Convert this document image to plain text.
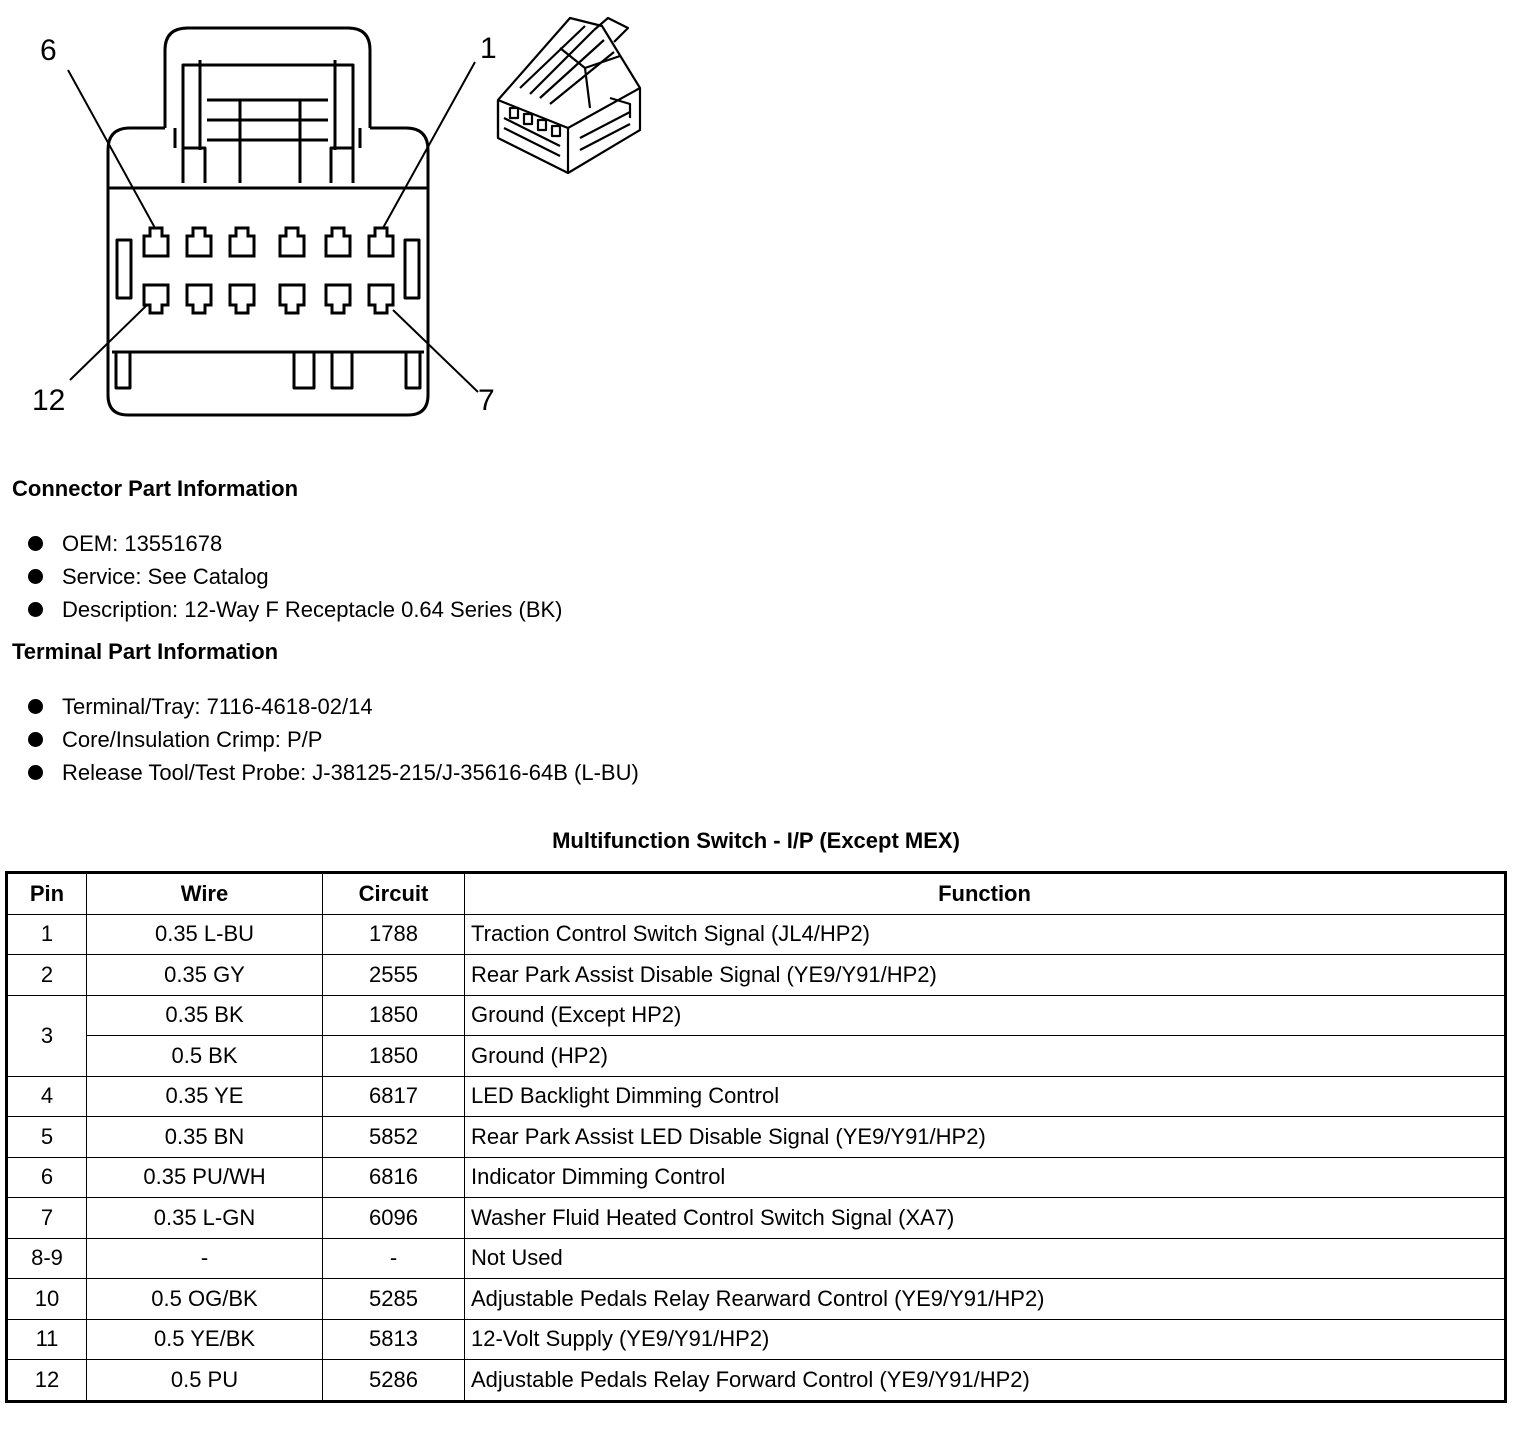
6	1
12	7
Connector Part Information
OEM: 13551678
Service: See Catalog
Description: 12-Way F Receptacle 0.64 Series (BK)
Terminal Part Information
Terminal/Tray: 7116-4618-02/14
Core/Insulation Crimp: P/P
Release Tool/Test Probe: J-38125-215/J-35616-64B (L-BU)
Multifunction Switch - I/P (Except MEX)
Pin	Wire	Circuit	Function
1	0.35 L-BU	1788	Traction Control Switch Signal (JL4/HP2)
2	0.35 GY	2555	Rear Park Assist Disable Signal (YE9/Y91/HP2)
3	0.35 BK	1850	Ground (Except HP2)
	0.5 BK	1850	Ground (HP2)
4	0.35 YE	6817	LED Backlight Dimming Control
5	0.35 BN	5852	Rear Park Assist LED Disable Signal (YE9/Y91/HP2)
6	0.35 PU/WH	6816	Indicator Dimming Control
7	0.35 L-GN	6096	Washer Fluid Heated Control Switch Signal (XA7)
8-9	-	-	Not Used
10	0.5 OG/BK	5285	Adjustable Pedals Relay Rearward Control (YE9/Y91/HP2)
11	0.5 YE/BK	5813	12-Volt Supply (YE9/Y91/HP2)
12	0.5 PU	5286	Adjustable Pedals Relay Forward Control (YE9/Y91/HP2)
